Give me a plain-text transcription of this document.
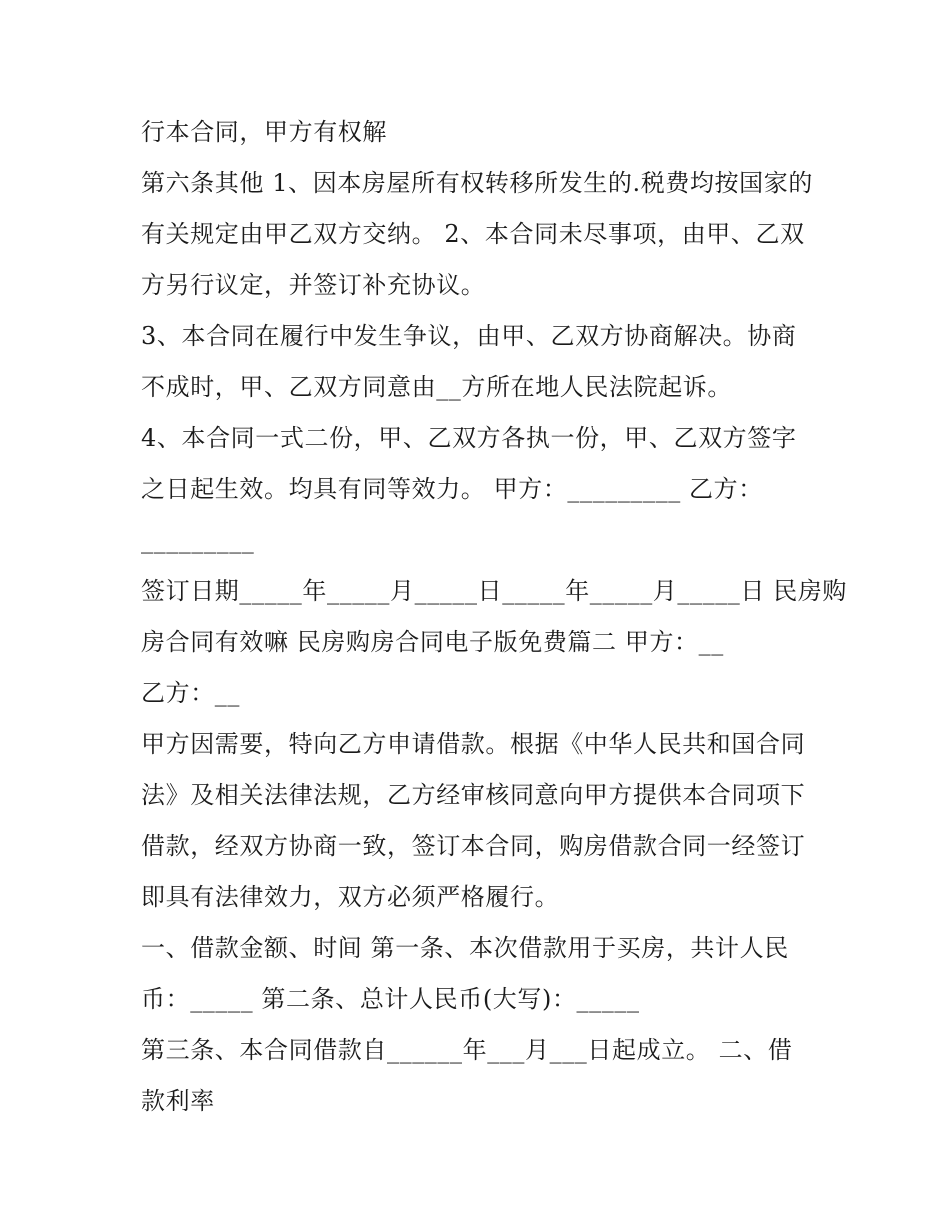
行本合同，甲方有权解
第六条其他 1、因本房屋所有权转移所发生的.税费均按国家的
有关规定由甲乙双方交纳。 2、本合同未尽事项，由甲、乙双
方另行议定，并签订补充协议。
3、本合同在履行中发生争议，由甲、乙双方协商解决。协商
不成时，甲、乙双方同意由__方所在地人民法院起诉。
4、本合同一式二份，甲、乙双方各执一份，甲、乙双方签字
之日起生效。均具有同等效力。 甲方：_________ 乙方：
_________
签订日期_____年_____月_____日_____年_____月_____日 民房购
房合同有效嘛 民房购房合同电子版免费篇二 甲方：__
乙方：__
甲方因需要，特向乙方申请借款。根据《中华人民共和国合同
法》及相关法律法规，乙方经审核同意向甲方提供本合同项下
借款，经双方协商一致，签订本合同，购房借款合同一经签订
即具有法律效力，双方必须严格履行。
一、借款金额、时间 第一条、本次借款用于买房，共计人民
币：_____ 第二条、总计人民币(大写)：_____
第三条、本合同借款自______年___月___日起成立。 二、借
款利率
